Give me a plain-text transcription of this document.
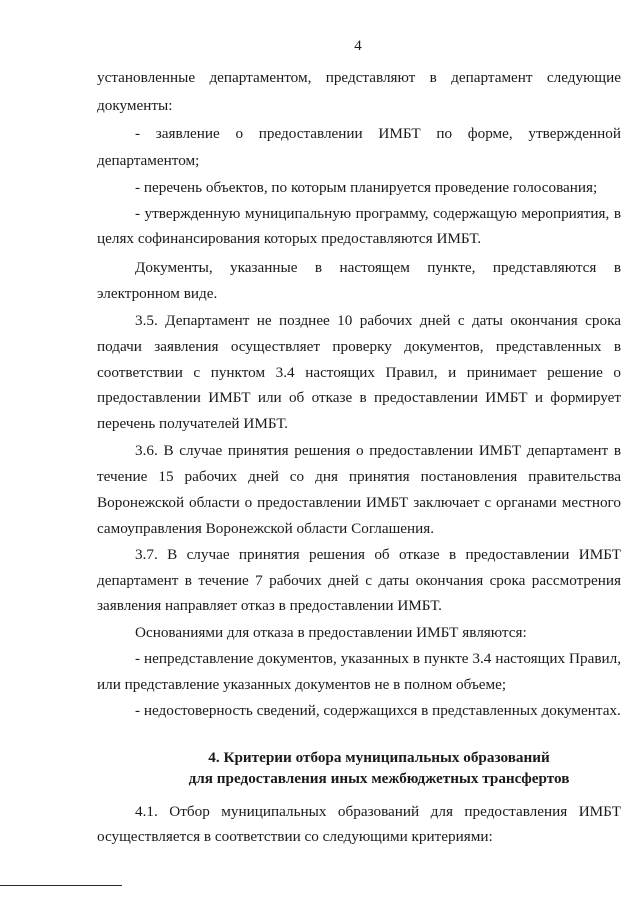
4
установленные департаментом, представляют в департамент следующие
документы:
- заявление о предоставлении ИМБТ по форме, утвержденной
департаментом;
- перечень объектов, по которым планируется проведение голосования;
- утвержденную муниципальную программу, содержащую мероприятия, в
целях софинансирования которых предоставляются ИМБТ.
Документы, указанные в настоящем пункте, представляются в
электронном виде.
3.5. Департамент не позднее 10 рабочих дней с даты окончания срока
подачи заявления осуществляет проверку документов, представленных в
соответствии с пунктом 3.4 настоящих Правил, и принимает решение о
предоставлении ИМБТ или об отказе в предоставлении ИМБТ и формирует
перечень получателей ИМБТ.
3.6. В случае принятия решения о предоставлении ИМБТ департамент в
течение 15 рабочих дней со дня принятия постановления правительства
Воронежской области о предоставлении ИМБТ заключает с органами местного
самоуправления Воронежской области Соглашения.
3.7. В случае принятия решения об отказе в предоставлении ИМБТ
департамент в течение 7 рабочих дней с даты окончания срока рассмотрения
заявления направляет отказ в предоставлении ИМБТ.
Основаниями для отказа в предоставлении ИМБТ являются:
- непредставление документов, указанных в пункте 3.4 настоящих Правил,
или представление указанных документов не в полном объеме;
- недостоверность сведений, содержащихся в представленных документах.
4. Критерии отбора муниципальных образований
для предоставления иных межбюджетных трансфертов
4.1. Отбор муниципальных образований для предоставления ИМБТ
осуществляется в соответствии со следующими критериями:
